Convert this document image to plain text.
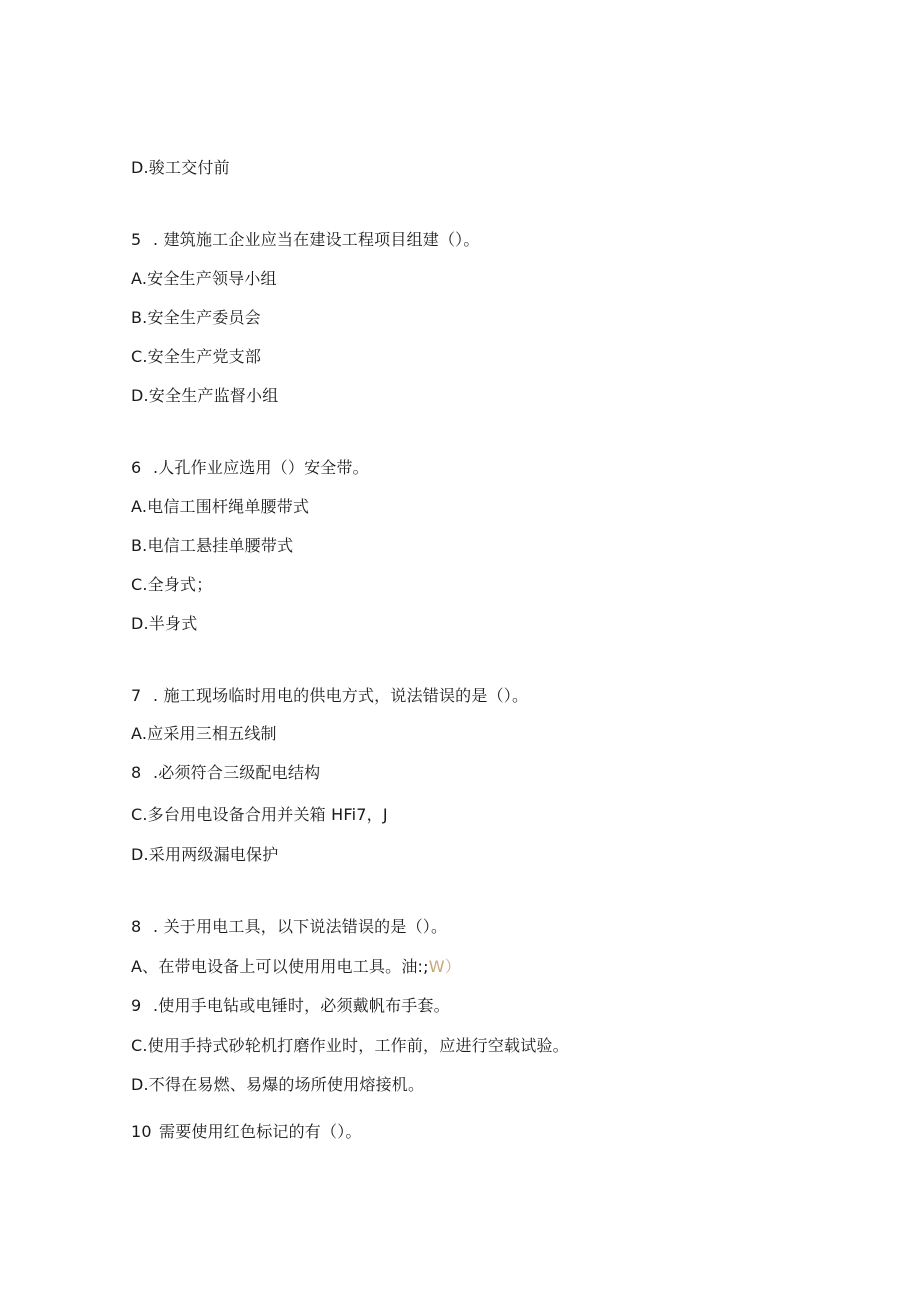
D.骏工交付前
5 . 建筑施工企业应当在建设工程项目组建（）。
A.安全生产领导小组
B.安全生产委员会
C.安全生产党支部
D.安全生产监督小组
6 .人孔作业应选用（）安全带。
A.电信工围杆绳单腰带式
B.电信工悬挂单腰带式
C.全身式；
D.半身式
7 . 施工现场临时用电的供电方式，说法错误的是（）。
A.应采用三相五线制
8 .必须符合三级配电结构
C.多台用电设备合用并关箱 HFi7，J
D.采用两级漏电保护
8 . 关于用电工具，以下说法错误的是（）。
A、在带电设备上可以使用用电工具。油:;W）
9 .使用手电钻或电锤时，必须戴帆布手套。
C.使用手持式砂轮机打磨作业时，工作前，应进行空载试验。
D.不得在易燃、易爆的场所使用熔接机。
10 需要使用红色标记的有（）。
